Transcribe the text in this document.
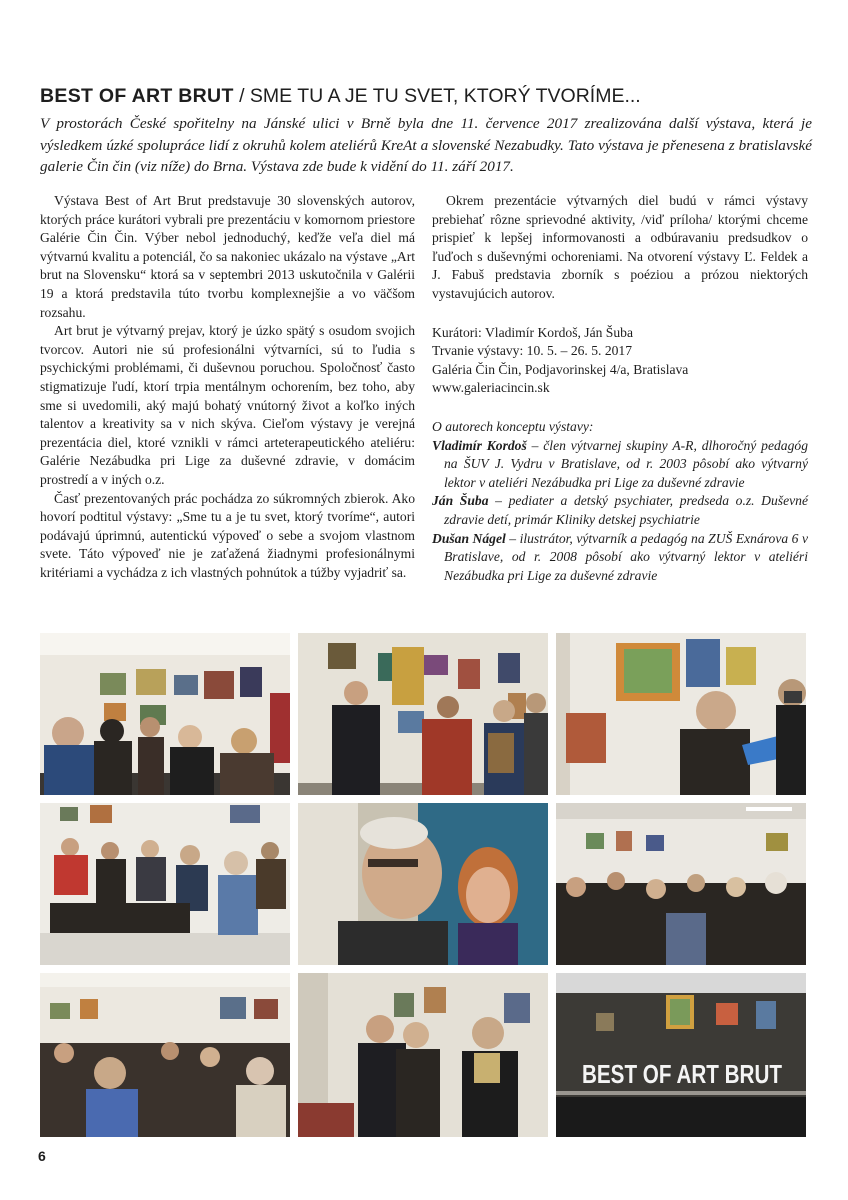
BEST OF ART BRUT / SME TU A JE TU SVET, KTORÝ TVORÍME...

V prostorách České spořitelny na Jánské ulici v Brně byla dne 11. července 2017 zrealizována další výstava, která je výsledkem úzké spolupráce lidí z okruhů kolem ateliérů KreAt a slovenské Nezabudky. Tato výstava je přenesena z bratislavské galerie Čin čin (viz níže) do Brna. Výstava zde bude k vidění do 11. září 2017.

Výstava Best of Art Brut predstavuje 30 slovenských autorov, ktorých práce kurátori vybrali pre prezentáciu v komornom priestore Galérie Čin Čin. Výber nebol jednoduchý, keďže veľa diel má výtvarnú kvalitu a potenciál, čo sa nakoniec ukázalo na výstave „Art brut na Slovensku“ ktorá sa v septembri 2013 uskutočnila v Galérii 19 a ktorá predstavila túto tvorbu komplexnejšie a vo väčšom rozsahu.

Art brut je výtvarný prejav, ktorý je úzko spätý s osudom svojich tvorcov. Autori nie sú profesionálni výtvarníci, sú to ľudia s psychickými problémami, či duševnou poruchou. Spoločnosť často stigmatizuje ľudí, ktorí trpia mentálnym ochorením, bez toho, aby sme si uvedomili, aký majú bohatý vnútorný život a koľko iných talentov a kreativity sa v nich skýva. Cieľom výstavy je verejná prezentácia diel, ktoré vznikli v rámci arteterapeutického ateliéru: Galérie Nezábudka pri Lige za duševné zdravie, v domácim prostredí a v iných o.z.

Časť prezentovaných prác pochádza zo súkromných zbierok. Ako hovorí podtitul výstavy: „Sme tu a je tu svet, ktorý tvoríme“, autori podávajú úprimnú, autentickú výpoveď o sebe a svojom vlastnom svete. Táto výpoveď nie je zaťažená žiadnymi profesionálnymi kritériami a vychádza z ich vlastných pohnútok a túžby vyjadriť sa.

Okrem prezentácie výtvarných diel budú v rámci výstavy prebiehať rôzne sprievodné aktivity, /viď príloha/ ktorými chceme prispieť k lepšej informovanosti a odbúravaniu predsudkov o ľuďoch s duševnými ochoreniami. Na otvorení výstavy Ľ. Feldek a J. Fabuš predstavia zborník s poéziou a prózou niektorých vystavujúcich autorov.

Kurátori: Vladimír Kordoš, Ján Šuba
Trvanie výstavy: 10. 5. – 26. 5. 2017
Galéria Čin Čin, Podjavorinskej 4/a, Bratislava
www.galeriacincin.sk
O autorech konceptu výstavy:

Vladimír Kordoš – člen výtvarnej skupiny A-R, dlhoročný pedagóg na ŠUV J. Vydru v Bratislave, od r. 2003 pôsobí ako výtvarný lektor v ateliéri Nezábudka pri Lige za duševné zdravie

Ján Šuba – pediater a detský psychiater, predseda o.z. Duševné zdravie detí, primár Kliniky detskej psychiatrie

Dušan Nágel – ilustrátor, výtvarník a pedagóg na ZUŠ Exnárova 6 v Bratislave, od r. 2008 pôsobí ako výtvarný lektor v ateliéri Nezábudka pri Lige za duševné zdravie

BEST OF ART BRUT
6
